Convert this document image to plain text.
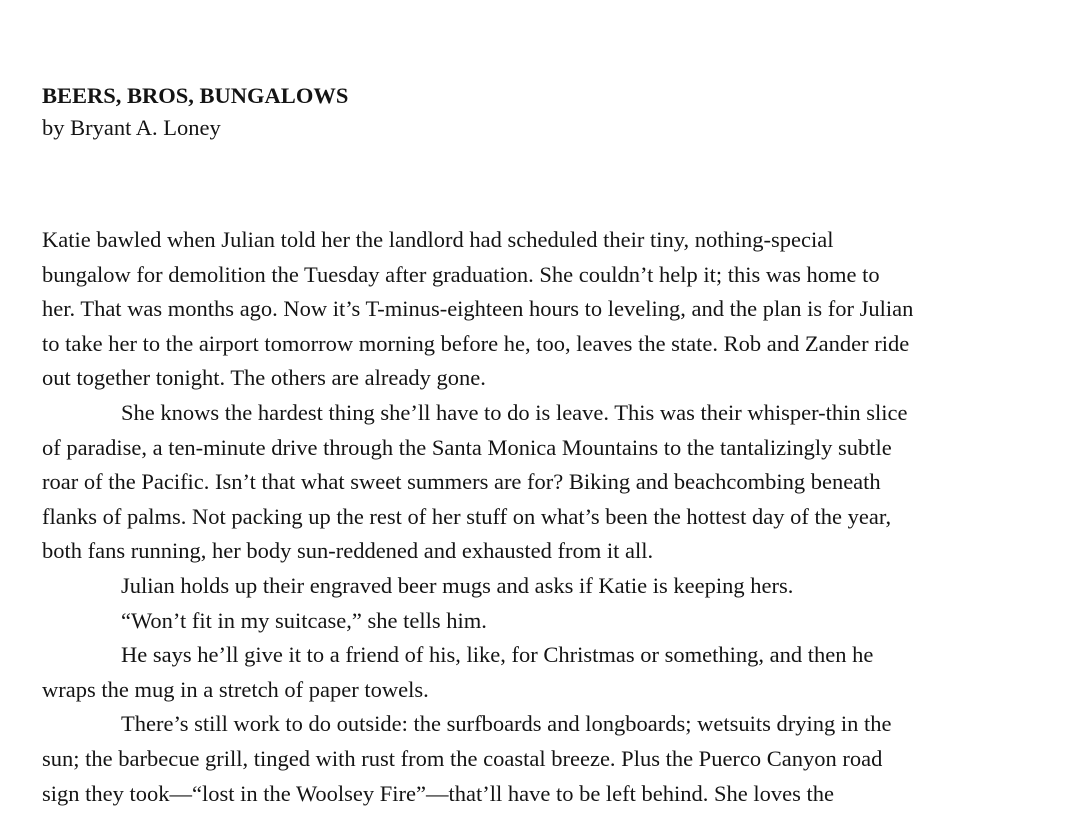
BEERS, BROS, BUNGALOWS
by Bryant A. Loney

Katie bawled when Julian told her the landlord had scheduled their tiny, nothing-special
bungalow for demolition the Tuesday after graduation. She couldn’t help it; this was home to
her. That was months ago. Now it’s T-minus-eighteen hours to leveling, and the plan is for Julian
to take her to the airport tomorrow morning before he, too, leaves the state. Rob and Zander ride
out together tonight. The others are already gone.

She knows the hardest thing she’ll have to do is leave. This was their whisper-thin slice
of paradise, a ten-minute drive through the Santa Monica Mountains to the tantalizingly subtle
roar of the Pacific. Isn’t that what sweet summers are for? Biking and beachcombing beneath
flanks of palms. Not packing up the rest of her stuff on what’s been the hottest day of the year,
both fans running, her body sun-reddened and exhausted from it all.

Julian holds up their engraved beer mugs and asks if Katie is keeping hers.

“Won’t fit in my suitcase,” she tells him.

He says he’ll give it to a friend of his, like, for Christmas or something, and then he
wraps the mug in a stretch of paper towels.

There’s still work to do outside: the surfboards and longboards; wetsuits drying in the
sun; the barbecue grill, tinged with rust from the coastal breeze. Plus the Puerco Canyon road
sign they took—“lost in the Woolsey Fire”—that’ll have to be left behind. She loves the
